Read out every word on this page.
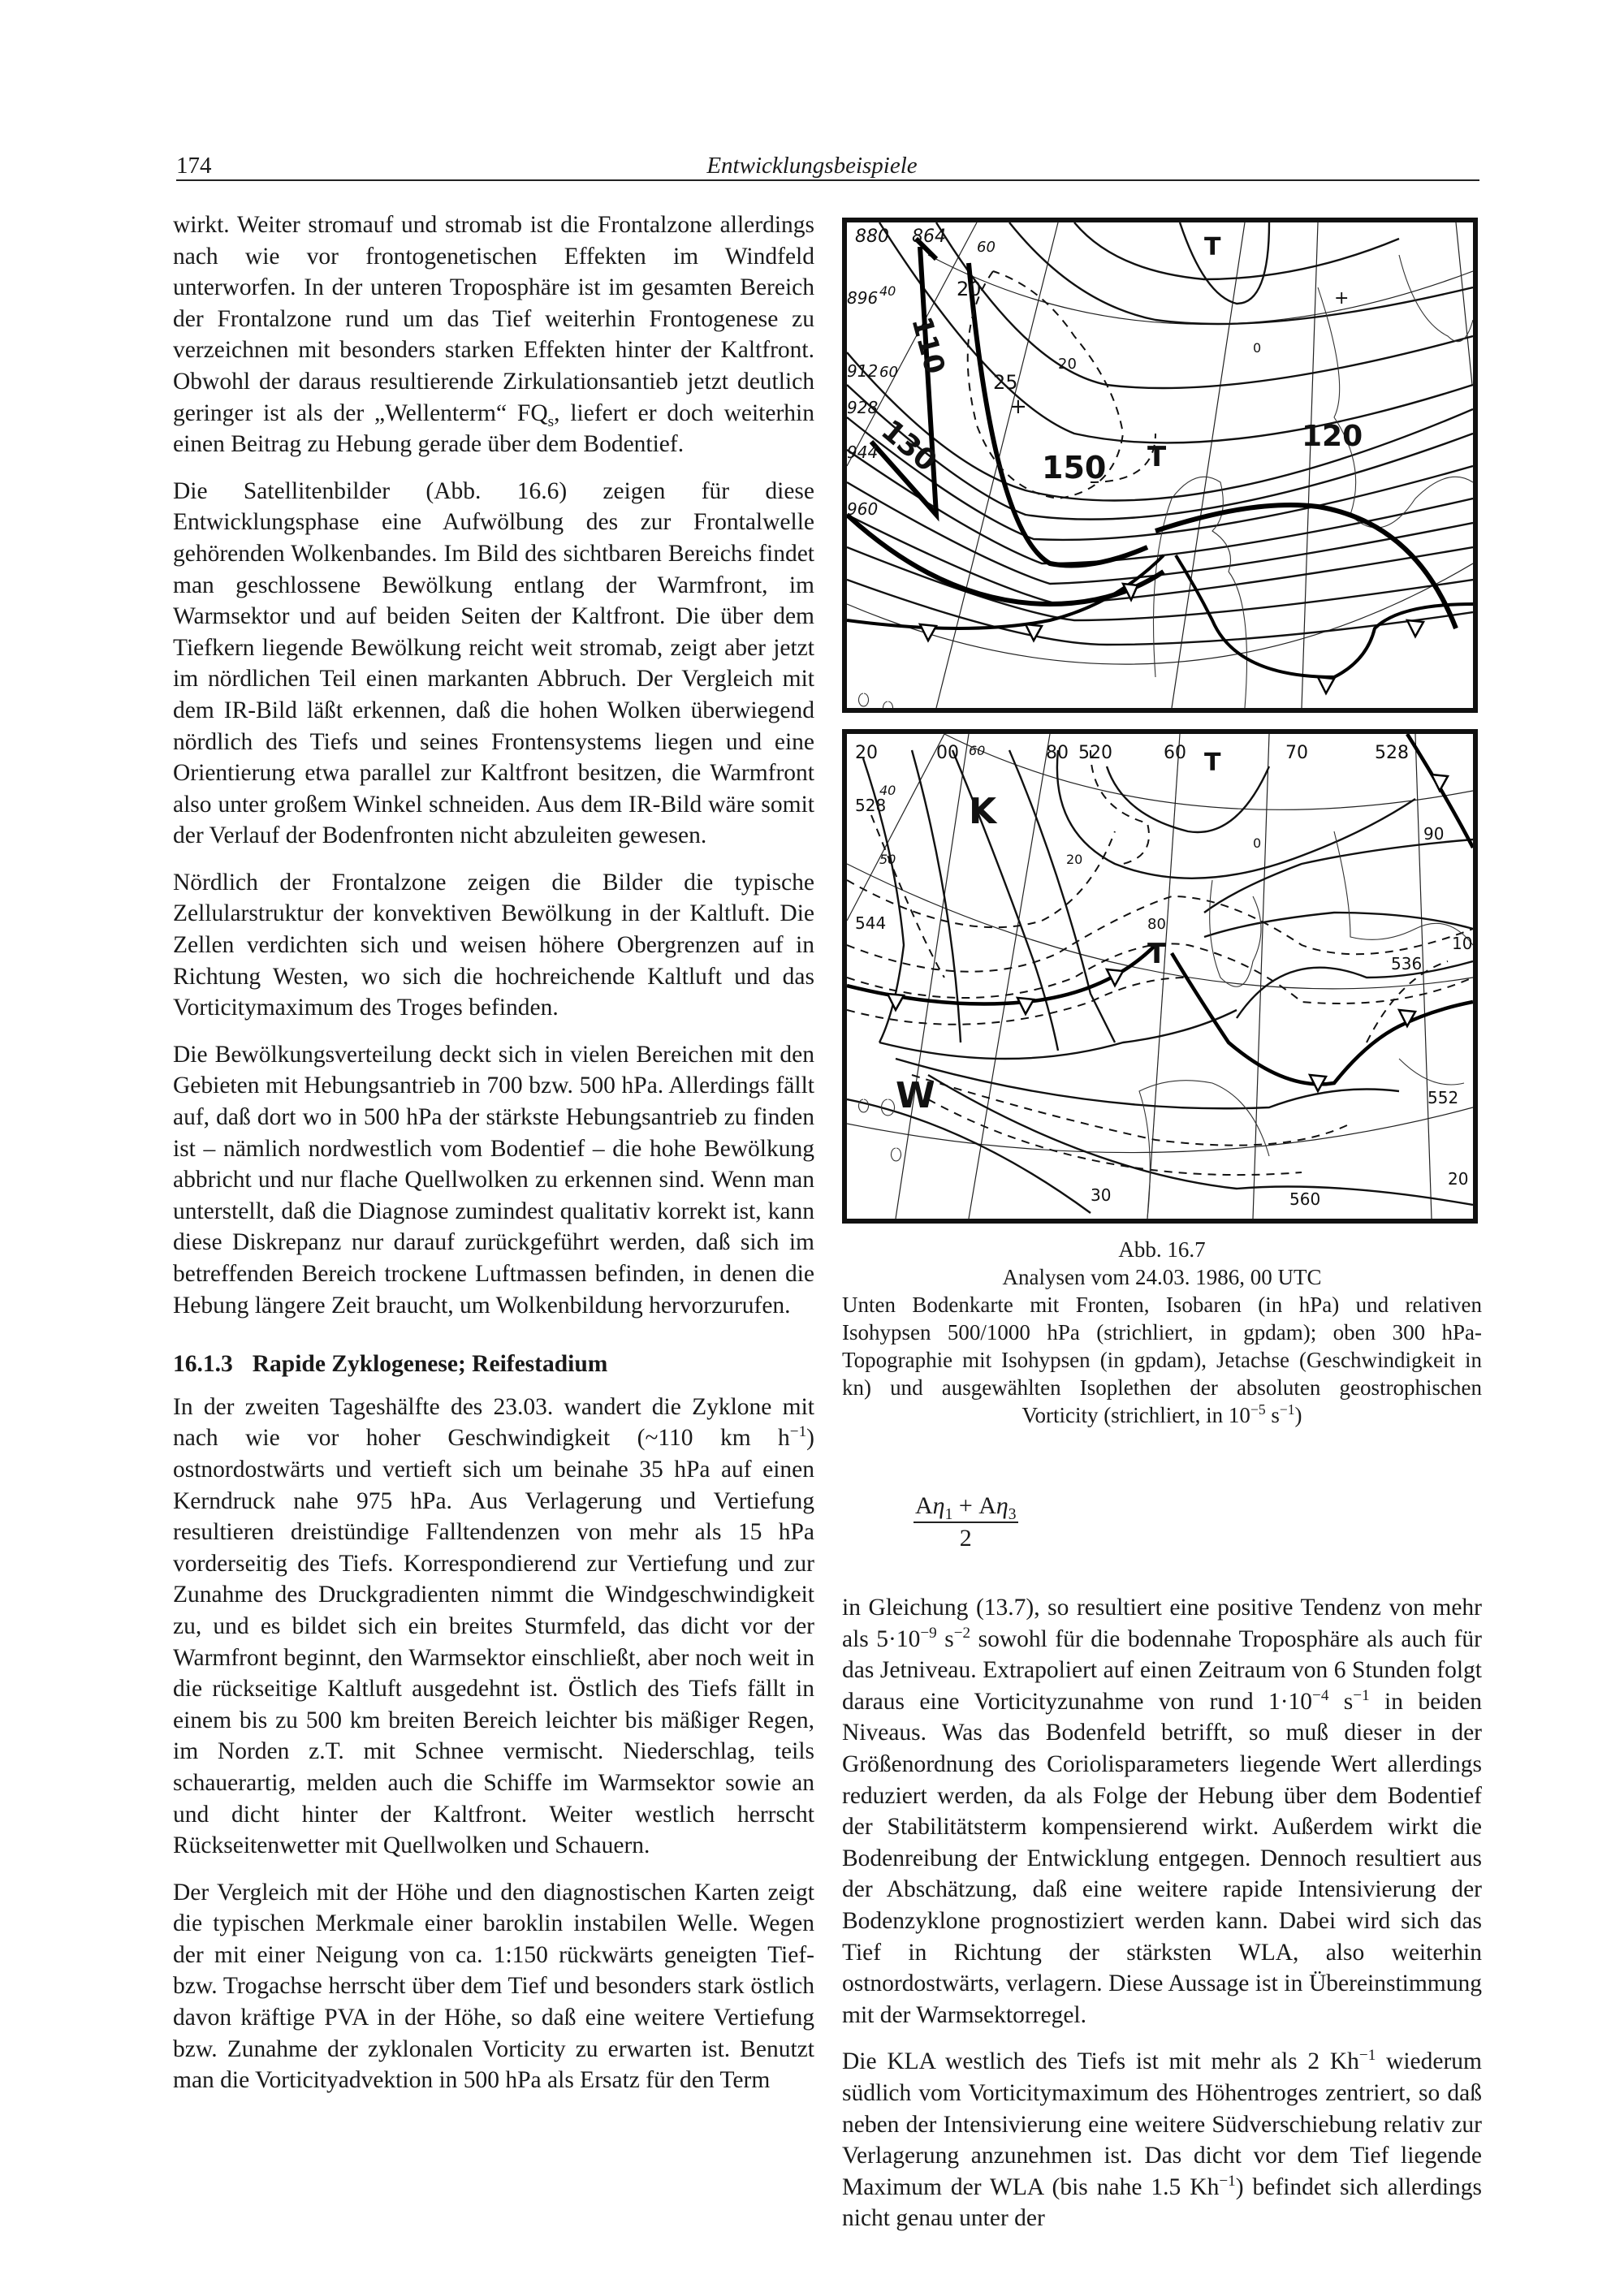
174	Entwicklungsbeispiele

wirkt. Weiter stromauf und stromab ist die Frontalzone allerdings nach wie vor frontogenetischen Effekten im Windfeld unterworfen. In der unteren Troposphäre ist im gesamten Bereich der Frontalzone rund um das Tief weiterhin Frontogenese zu verzeichnen mit besonders starken Effekten hinter der Kaltfront. Obwohl der daraus resultierende Zirkulationsantieb jetzt deutlich geringer ist als der „Wellenterm“ $FQ_s$, liefert er doch weiterhin einen Beitrag zu Hebung gerade über dem Bodentief.

Die Satellitenbilder (Abb. 16.6) zeigen für diese Entwicklungsphase eine Aufwölbung des zur Frontalwelle gehörenden Wolkenbandes. Im Bild des sichtbaren Bereichs findet man geschlossene Bewölkung entlang der Warmfront, im Warmsektor und auf beiden Seiten der Kaltfront. Die über dem Tiefkern liegende Bewölkung reicht weit stromab, zeigt aber jetzt im nördlichen Teil einen markanten Abbruch. Der Vergleich mit dem IR-Bild läßt erkennen, daß die hohen Wolken überwiegend nördlich des Tiefs und seines Frontensystems liegen und eine Orientierung etwa parallel zur Kaltfront besitzen, die Warmfront also unter großem Winkel schneiden. Aus dem IR-Bild wäre somit der Verlauf der Bodenfronten nicht abzuleiten gewesen.

Nördlich der Frontalzone zeigen die Bilder die typische Zellularstruktur der konvektiven Bewölkung in der Kaltluft. Die Zellen verdichten sich und weisen höhere Obergrenzen auf in Richtung Westen, wo sich die hochreichende Kaltluft und das Vorticitymaximum des Troges befinden.

Die Bewölkungsverteilung deckt sich in vielen Bereichen mit den Gebieten mit Hebungsantrieb in 700 bzw. 500 hPa. Allerdings fällt auf, daß dort wo in 500 hPa der stärkste Hebungsantrieb zu finden ist – nämlich nordwestlich vom Bodentief – die hohe Bewölkung abbricht und nur flache Quellwolken zu erkennen sind. Wenn man unterstellt, daß die Diagnose zumindest qualitativ korrekt ist, kann diese Diskrepanz nur darauf zurückgeführt werden, daß sich im betreffenden Bereich trockene Luftmassen befinden, in denen die Hebung längere Zeit braucht, um Wolkenbildung hervorzurufen.

16.1.3 Rapide Zyklogenese; Reifestadium

In der zweiten Tageshälfte des 23.03. wandert die Zyklone mit nach wie vor hoher Geschwindigkeit (~110 km $h^{-1}$) ostnordostwärts und vertieft sich um beinahe 35 hPa auf einen Kerndruck nahe 975 hPa. Aus Verlagerung und Vertiefung resultieren dreistündige Falltendenzen von mehr als 15 hPa vorderseitig des Tiefs. Korrespondierend zur Vertiefung und zur Zunahme des Druckgradienten nimmt die Windgeschwindigkeit zu, und es bildet sich ein breites Sturmfeld, das dicht vor der Warmfront beginnt, den Warmsektor einschließt, aber noch weit in die rückseitige Kaltluft ausgedehnt ist. Östlich des Tiefs fällt in einem bis zu 500 km breiten Bereich leichter bis mäßiger Regen, im Norden z.T. mit Schnee vermischt. Niederschlag, teils schauerartig, melden auch die Schiffe im Warmsektor sowie an und dicht hinter der Kaltfront. Weiter westlich herrscht Rückseitenwetter mit Quellwolken und Schauern.

Der Vergleich mit der Höhe und den diagnostischen Karten zeigt die typischen Merkmale einer baroklin instabilen Welle. Wegen der mit einer Neigung von ca. 1:150 rückwärts geneigten Tief- bzw. Trogachse herrscht über dem Tief und besonders stark östlich davon kräftige PVA in der Höhe, so daß eine weitere Vertiefung bzw. Zunahme der zyklonalen Vorticity zu erwarten ist. Benutzt man die Vorticityadvektion in 500 hPa als Ersatz für den Term

880 864
896
912
928
944
960
60
60
40	20
25
20
0
+
+
110
130	150
120
T
T
20	00	80 520	60	70	528
528
544
60
40
50	20
0
80
90
10
536
552
560
30
20
K
W
T
T
Abb. 16.7
Analysen vom 24.03. 1986, 00 UTC
Unten Bodenkarte mit Fronten, Isobaren (in hPa) und relativen Isohypsen 500/1000 hPa (strichliert, in gpdam); oben 300 hPa-Topographie mit Isohypsen (in gpdam), Jetachse (Geschwindigkeit in kn) und ausgewählten Isoplethen der absoluten geostrophischen Vorticity (strichliert, in $10^{-5}$ $s^{-1}$)
$\frac{A\eta_1 + A\eta_3}{2}$

in Gleichung (13.7), so resultiert eine positive Tendenz von mehr als $5\cdot 10^{-9}$ $s^{-2}$ sowohl für die bodennahe Troposphäre als auch für das Jetniveau. Extrapoliert auf einen Zeitraum von 6 Stunden folgt daraus eine Vorticityzunahme von rund $1\cdot 10^{-4}$ $s^{-1}$ in beiden Niveaus. Was das Bodenfeld betrifft, so muß dieser in der Größenordnung des Coriolisparameters liegende Wert allerdings reduziert werden, da als Folge der Hebung über dem Bodentief der Stabilitätsterm kompensierend wirkt. Außerdem wirkt die Bodenreibung der Entwicklung entgegen. Dennoch resultiert aus der Abschätzung, daß eine weitere rapide Intensivierung der Bodenzyklone prognostiziert werden kann. Dabei wird sich das Tief in Richtung der stärksten WLA, also weiterhin ostnordostwärts, verlagern. Diese Aussage ist in Übereinstimmung mit der Warmsektorregel.

Die KLA westlich des Tiefs ist mit mehr als 2 $Kh^{-1}$ wiederum südlich vom Vorticitymaximum des Höhentroges zentriert, so daß neben der Intensivierung eine weitere Südverschiebung relativ zur Verlagerung anzunehmen ist. Das dicht vor dem Tief liegende Maximum der WLA (bis nahe 1.5 $Kh^{-1}$) befindet sich allerdings nicht genau unter der
